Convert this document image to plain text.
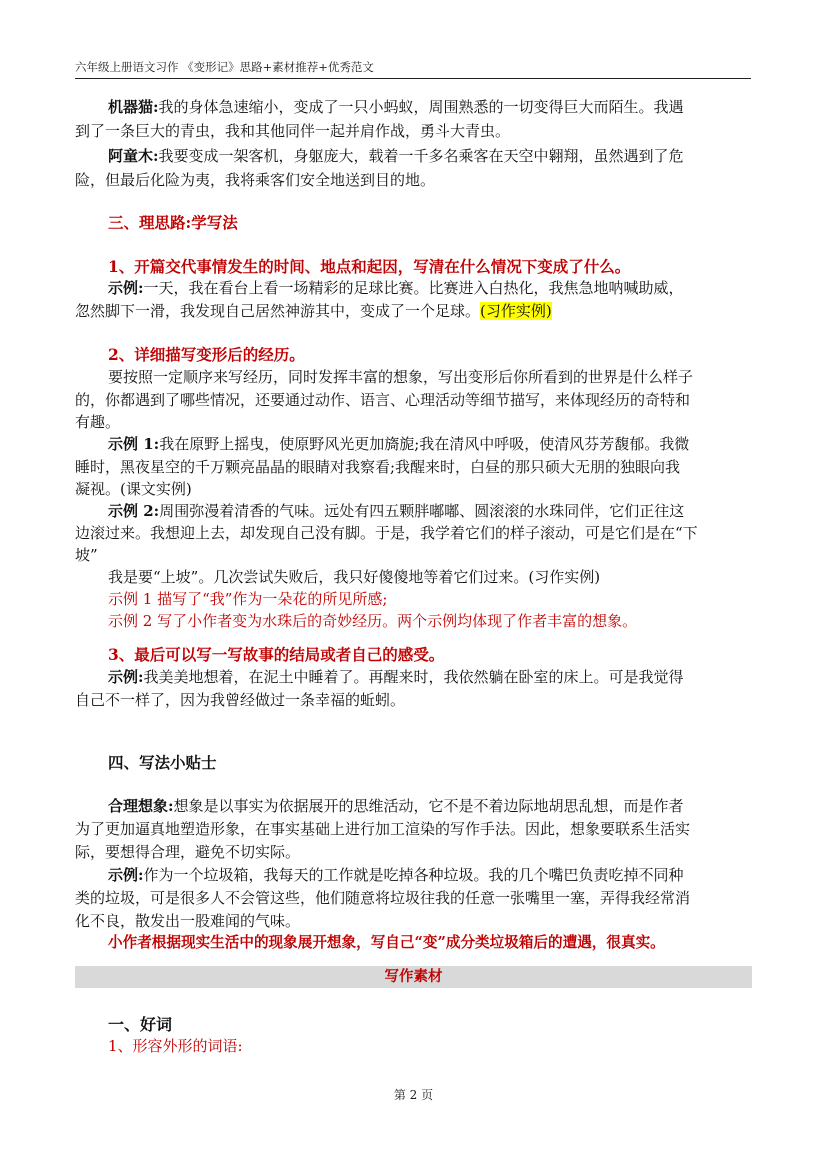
六年级上册语文习作 《变形记》思路+素材推荐+优秀范文
机器猫:我的身体急速缩小，变成了一只小蚂蚁，周围熟悉的一切变得巨大而陌生。我遇
到了一条巨大的青虫，我和其他同伴一起并肩作战，勇斗大青虫。
阿童木:我要变成一架客机，身躯庞大，载着一千多名乘客在天空中翱翔，虽然遇到了危
险，但最后化险为夷，我将乘客们安全地送到目的地。
三、理思路:学写法
1、开篇交代事情发生的时间、地点和起因，写清在什么情况下变成了什么。
示例:一天，我在看台上看一场精彩的足球比赛。比赛进入白热化，我焦急地呐喊助威，
忽然脚下一滑，我发现自己居然神游其中，变成了一个足球。(习作实例)
2、详细描写变形后的经历。
要按照一定顺序来写经历，同时发挥丰富的想象，写出变形后你所看到的世界是什么样子
的，你都遇到了哪些情况，还要通过动作、语言、心理活动等细节描写，来体现经历的奇特和
有趣。
示例 1:我在原野上摇曳，使原野风光更加旖旎;我在清风中呼吸，使清风芬芳馥郁。我微
睡时，黑夜星空的千万颗亮晶晶的眼睛对我察看;我醒来时，白昼的那只硕大无朋的独眼向我
凝视。(课文实例)
示例 2:周围弥漫着清香的气味。远处有四五颗胖嘟嘟、圆滚滚的水珠同伴，它们正往这
边滚过来。我想迎上去，却发现自己没有脚。于是，我学着它们的样子滚动，可是它们是在“下
坡”
我是要“上坡”。几次尝试失败后，我只好傻傻地等着它们过来。(习作实例)
示例 1 描写了“我”作为一朵花的所见所感;
示例 2 写了小作者变为水珠后的奇妙经历。两个示例均体现了作者丰富的想象。
3、最后可以写一写故事的结局或者自己的感受。
示例:我美美地想着，在泥土中睡着了。再醒来时，我依然躺在卧室的床上。可是我觉得
自己不一样了，因为我曾经做过一条幸福的蚯蚓。
四、写法小贴士
合理想象:想象是以事实为依据展开的思维活动，它不是不着边际地胡思乱想，而是作者
为了更加逼真地塑造形象，在事实基础上进行加工渲染的写作手法。因此，想象要联系生活实
际，要想得合理，避免不切实际。
示例:作为一个垃圾箱，我每天的工作就是吃掉各种垃圾。我的几个嘴巴负责吃掉不同种
类的垃圾，可是很多人不会管这些，他们随意将垃圾往我的任意一张嘴里一塞，弄得我经常消
化不良，散发出一股难闻的气味。
小作者根据现实生活中的现象展开想象，写自己“变”成分类垃圾箱后的遭遇，很真实。
写作素材
一、好词
1、形容外形的词语:
第 2 页
